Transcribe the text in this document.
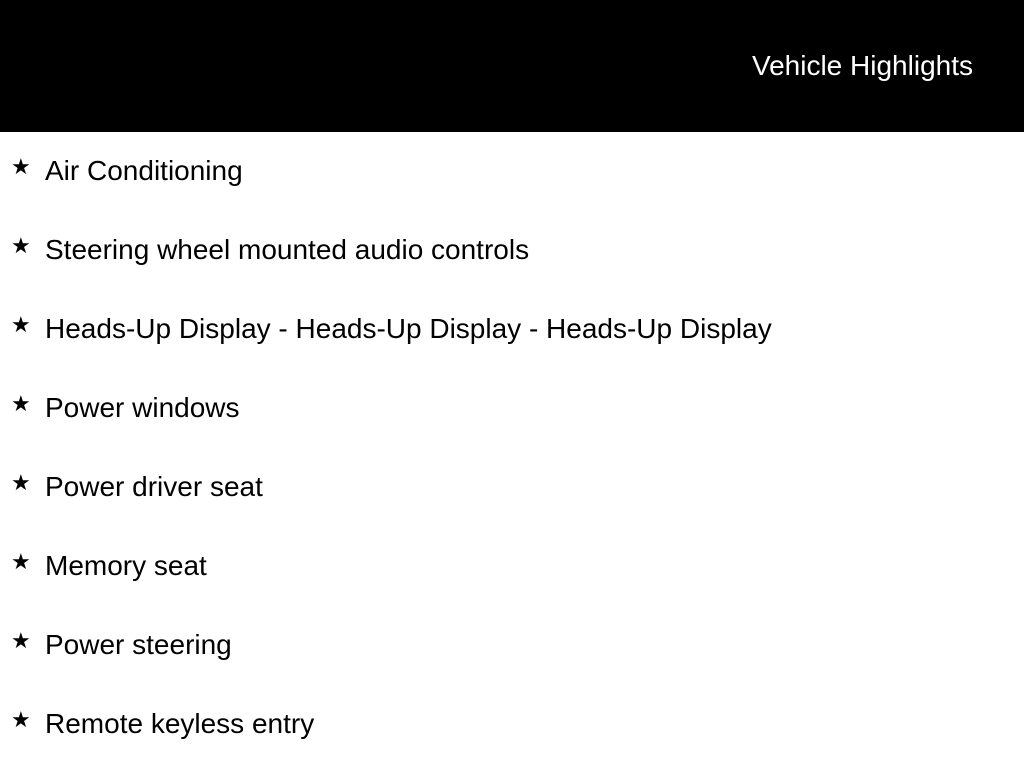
Vehicle Highlights
★ Air Conditioning
★ Steering wheel mounted audio controls
★ Heads-Up Display - Heads-Up Display - Heads-Up Display
★ Power windows
★ Power driver seat
★ Memory seat
★ Power steering
★ Remote keyless entry
